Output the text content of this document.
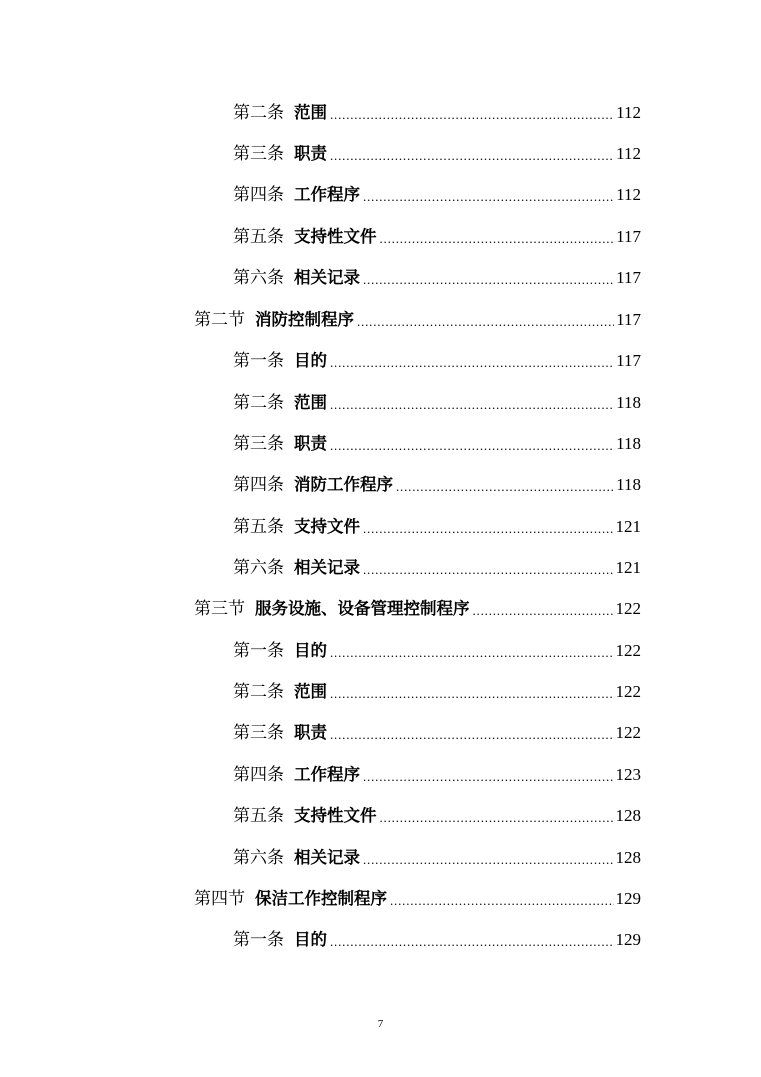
第二条 范围 .....	112
第三条 职责 .....	112
第四条 工作程序 .....	112
第五条 支持性文件 .....	117
第六条 相关记录 .....	117
第二节 消防控制程序 .....	117
第一条 目的 .....	117
第二条 范围 .....	118
第三条 职责 .....	118
第四条 消防工作程序 .....	118
第五条 支持文件 .....	121
第六条 相关记录 .....	121
第三节 服务设施、设备管理控制程序 .....	122
第一条 目的 .....	122
第二条 范围 .....	122
第三条 职责 .....	122
第四条 工作程序 .....	123
第五条 支持性文件 .....	128
第六条 相关记录 .....	128
第四节 保洁工作控制程序 .....	129
第一条 目的 .....	129
7
